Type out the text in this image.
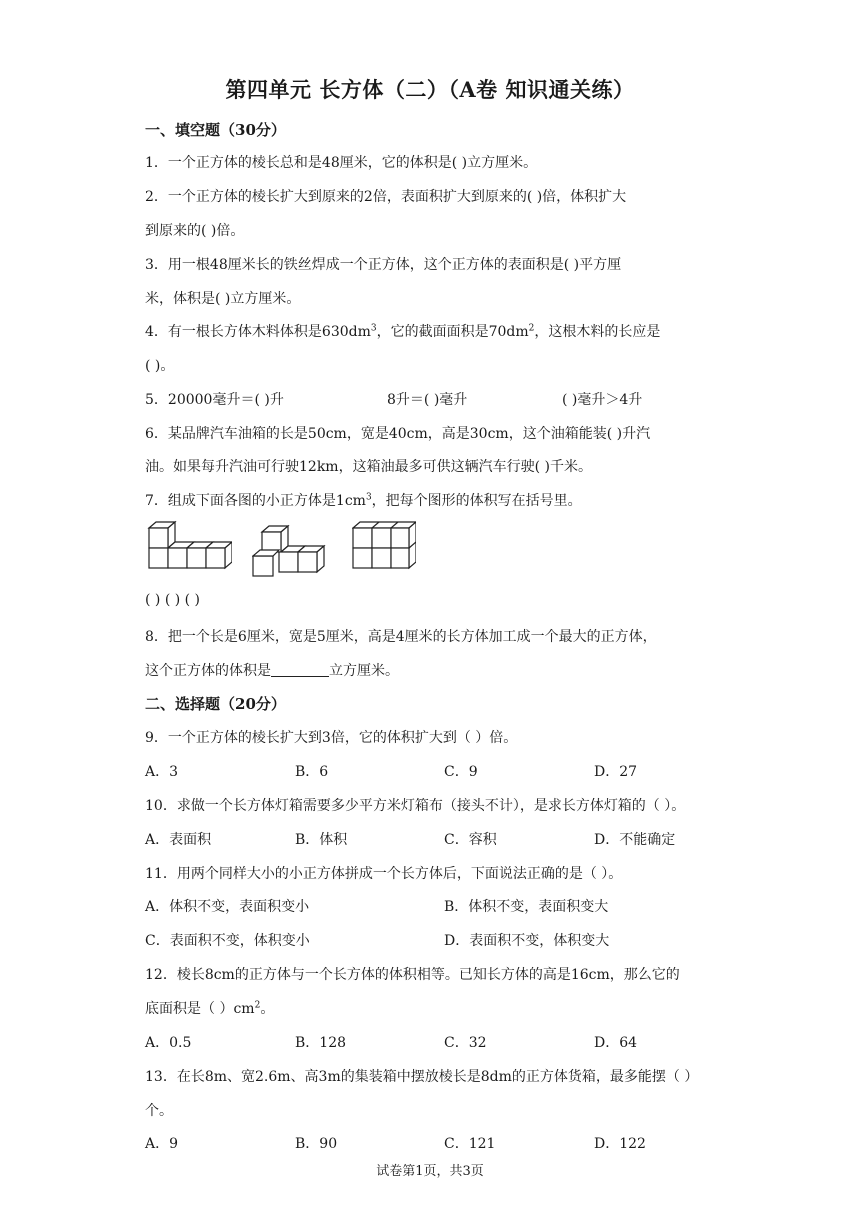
第四单元 长方体（二）（A卷 知识通关练）
一、填空题（30分）
1．一个正方体的棱长总和是48厘米，它的体积是( )立方厘米。
2．一个正方体的棱长扩大到原来的2倍，表面积扩大到原来的( )倍，体积扩大
到原来的( )倍。
3．用一根48厘米长的铁丝焊成一个正方体，这个正方体的表面积是( )平方厘
米，体积是( )立方厘米。
4．有一根长方体木料体积是$630dm^3$，它的截面面积是$70dm^2$，这根木料的长应是
( )。
5．20000毫升＝( )升	8升＝( )毫升	( )毫升＞4升
6．某品牌汽车油箱的长是50cm，宽是40cm，高是30cm，这个油箱能装( )升汽
油。如果每升汽油可行驶12km，这箱油最多可供这辆汽车行驶( )千米。
7．组成下面各图的小正方体是$1cm^3$，把每个图形的体积写在括号里。
( ) ( ) ( )
8．把一个长是6厘米，宽是5厘米，高是4厘米的长方体加工成一个最大的正方体，
这个正方体的体积是	立方厘米。
二、选择题（20分）
9．一个正方体的棱长扩大到3倍，它的体积扩大到（ ）倍。
A．3	B．6	C．9	D．27
10．求做一个长方体灯箱需要多少平方米灯箱布（接头不计），是求长方体灯箱的（ ）。
A．表面积	B．体积	C．容积	D．不能确定
11．用两个同样大小的小正方体拼成一个长方体后，下面说法正确的是（ ）。
A．体积不变，表面积变小	B．体积不变，表面积变大
C．表面积不变，体积变小	D．表面积不变，体积变大
12．棱长8cm的正方体与一个长方体的体积相等。已知长方体的高是16cm，那么它的
底面积是（ ）$cm^2$。
A．0.5	B．128	C．32	D．64
13．在长8m、宽2.6m、高3m的集装箱中摆放棱长是8dm的正方体货箱，最多能摆（ ）
个。
A．9	B．90	C．121	D．122
试卷第1页，共3页
